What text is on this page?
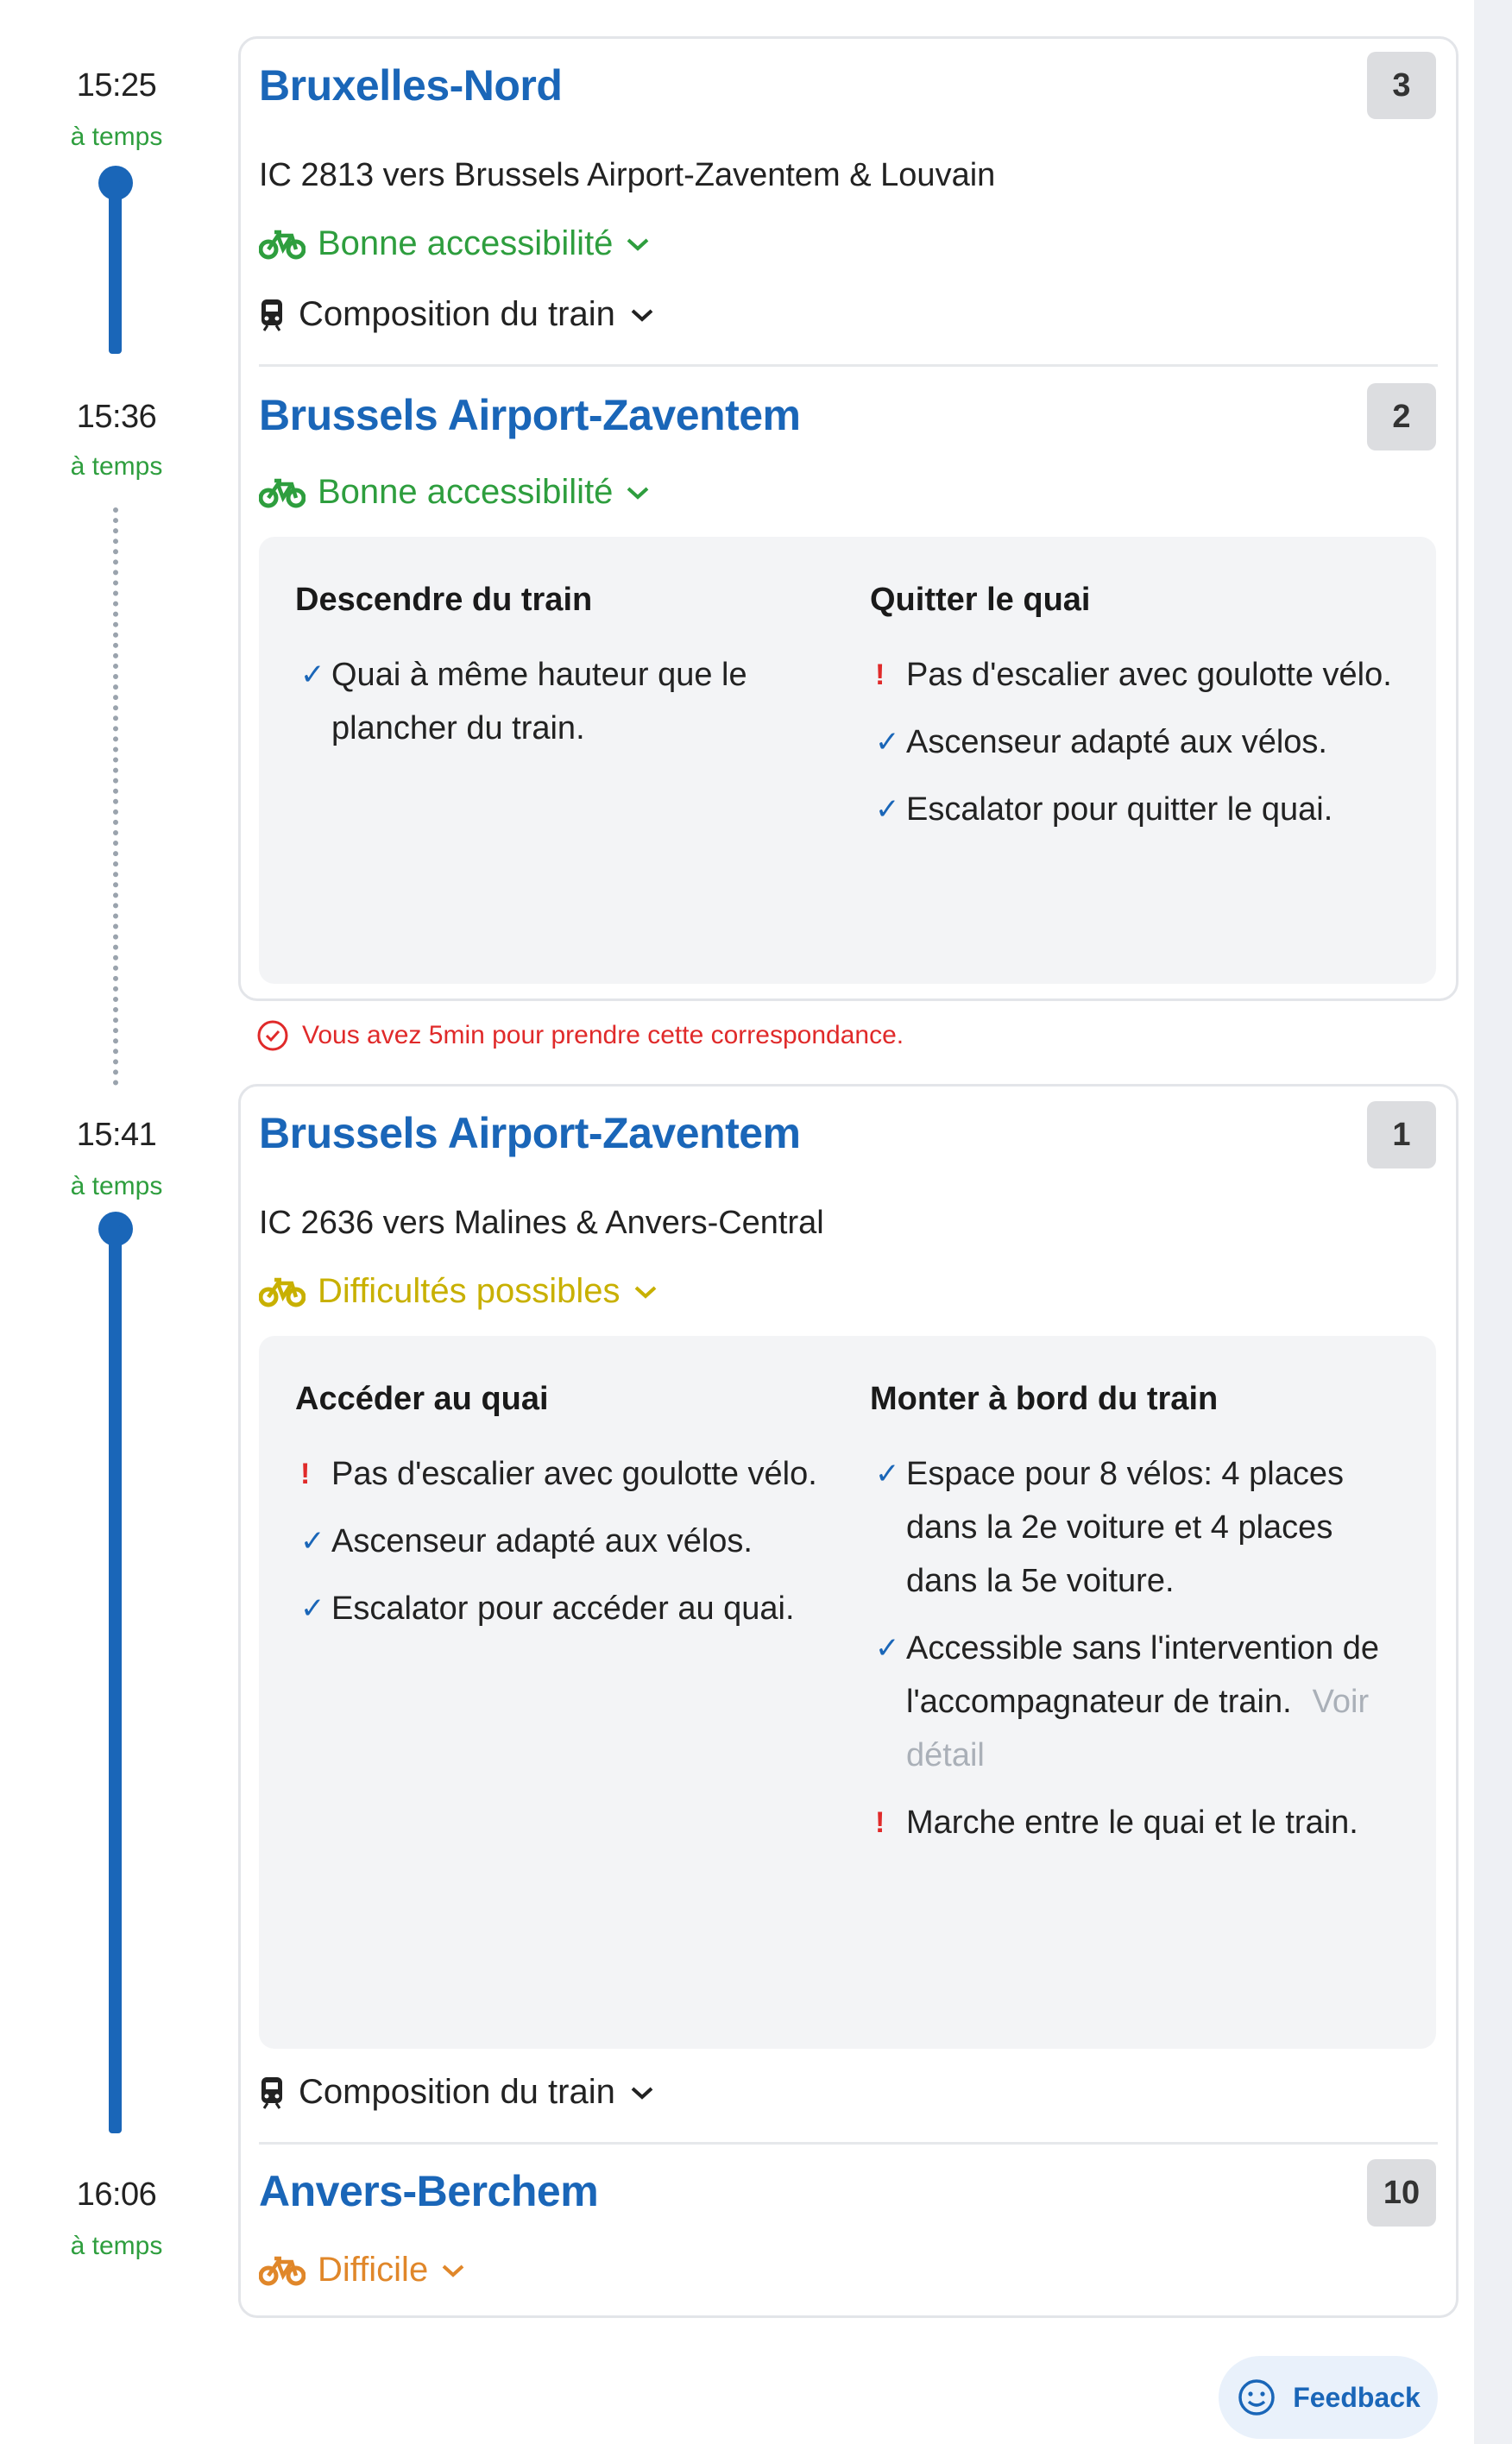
15:25
à temps
15:36
à temps
15:41
à temps
16:06
à temps
Bruxelles-Nord	3
IC 2813 vers Brussels Airport-Zaventem & Louvain
Bonne accessibilité
Composition du train
Brussels Airport-Zaventem	2
Bonne accessibilité
Descendre du train
✓ Quai à même hauteur que le plancher du train.
Quitter le quai
! Pas d'escalier avec goulotte vélo.
✓ Ascenseur adapté aux vélos.
✓ Escalator pour quitter le quai.
Vous avez 5min pour prendre cette correspondance.
Brussels Airport-Zaventem	1
IC 2636 vers Malines & Anvers-Central
Difficultés possibles
Accéder au quai
! Pas d'escalier avec goulotte vélo.
✓ Ascenseur adapté aux vélos.
✓ Escalator pour accéder au quai.
Monter à bord du train
✓ Espace pour 8 vélos: 4 places dans la 2e voiture et 4 places dans la 5e voiture.
✓ Accessible sans l'intervention de l'accompagnateur de train. Voir détail
! Marche entre le quai et le train.
Composition du train
Anvers-Berchem	10
Difficile
Feedback
